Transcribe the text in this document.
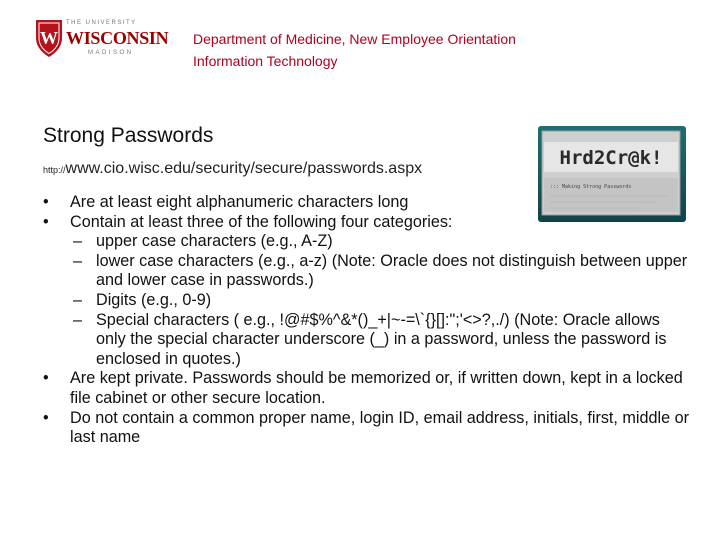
W
THE UNIVERSITY
WISCONSIN
MADISON
Department of Medicine, New Employee Orientation
Information Technology
Strong Passwords
http://www.cio.wisc.edu/security/secure/passwords.aspx	Hrd2Cr@k!
::: Making Strong Passwords
• Are at least eight alphanumeric characters long
• Contain at least three of the following four categories:
– upper case characters (e.g., A-Z)
– lower case characters (e.g., a-z) (Note: Oracle does not distinguish between upper and lower case in passwords.)
– Digits (e.g., 0-9)
– Special characters ( e.g., !@#$%^&*()_+|~-=\`{}[]:";'<>?,./) (Note: Oracle allows only the special character underscore (_) in a password, unless the password is enclosed in quotes.)
• Are kept private. Passwords should be memorized or, if written down, kept in a locked file cabinet or other secure location.
• Do not contain a common proper name, login ID, email address, initials, first, middle or last name
